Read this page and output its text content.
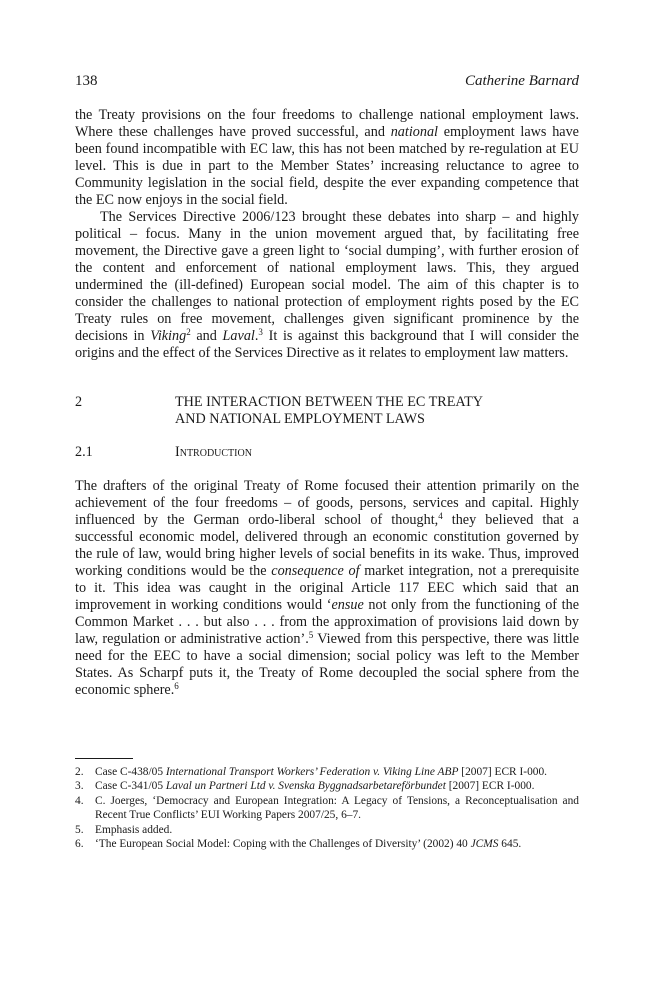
138	Catherine Barnard

the Treaty provisions on the four freedoms to challenge national employment laws. Where these challenges have proved successful, and national employment laws have been found incompatible with EC law, this has not been matched by re-regulation at EU level. This is due in part to the Member States’ increasing reluctance to agree to Community legislation in the social field, despite the ever expanding competence that the EC now enjoys in the social field.

The Services Directive 2006/123 brought these debates into sharp – and highly political – focus. Many in the union movement argued that, by facilitating free movement, the Directive gave a green light to ‘social dumping’, with further erosion of the content and enforcement of national employment laws. This, they argued undermined the (ill-defined) European social model. The aim of this chapter is to consider the challenges to national protection of employment rights posed by the EC Treaty rules on free movement, challenges given significant prominence by the decisions in Viking$^2$ and Laval.$^3$ It is against this background that I will consider the origins and the effect of the Services Directive as it relates to employment law matters.

2	THE INTERACTION BETWEEN THE EC TREATY
AND NATIONAL EMPLOYMENT LAWS
2.1	Introduction

The drafters of the original Treaty of Rome focused their attention primarily on the achievement of the four freedoms – of goods, persons, services and capital. Highly influenced by the German ordo-liberal school of thought,$^4$ they believed that a successful economic model, delivered through an economic constitution governed by the rule of law, would bring higher levels of social benefits in its wake. Thus, improved working conditions would be the consequence of market integration, not a prerequisite to it. This idea was caught in the original Article 117 EEC which said that an improvement in working conditions would ‘ensue not only from the functioning of the Common Market . . . but also . . . from the approximation of provisions laid down by law, regulation or administrative action’.$^5$ Viewed from this perspective, there was little need for the EEC to have a social dimension; social policy was left to the Member States. As Scharpf puts it, the Treaty of Rome decoupled the social sphere from the economic sphere.$^6$

2.	Case C-438/05 International Transport Workers’ Federation v. Viking Line ABP [2007] ECR I-000.
3.	Case C-341/05 Laval un Partneri Ltd v. Svenska Byggnadsarbetareförbundet [2007] ECR I-000.
4.	C. Joerges, ‘Democracy and European Integration: A Legacy of Tensions, a Reconceptualisation and Recent True Conflicts’ EUI Working Papers 2007/25, 6–7.
5.	Emphasis added.
6.	‘The European Social Model: Coping with the Challenges of Diversity’ (2002) 40 JCMS 645.
